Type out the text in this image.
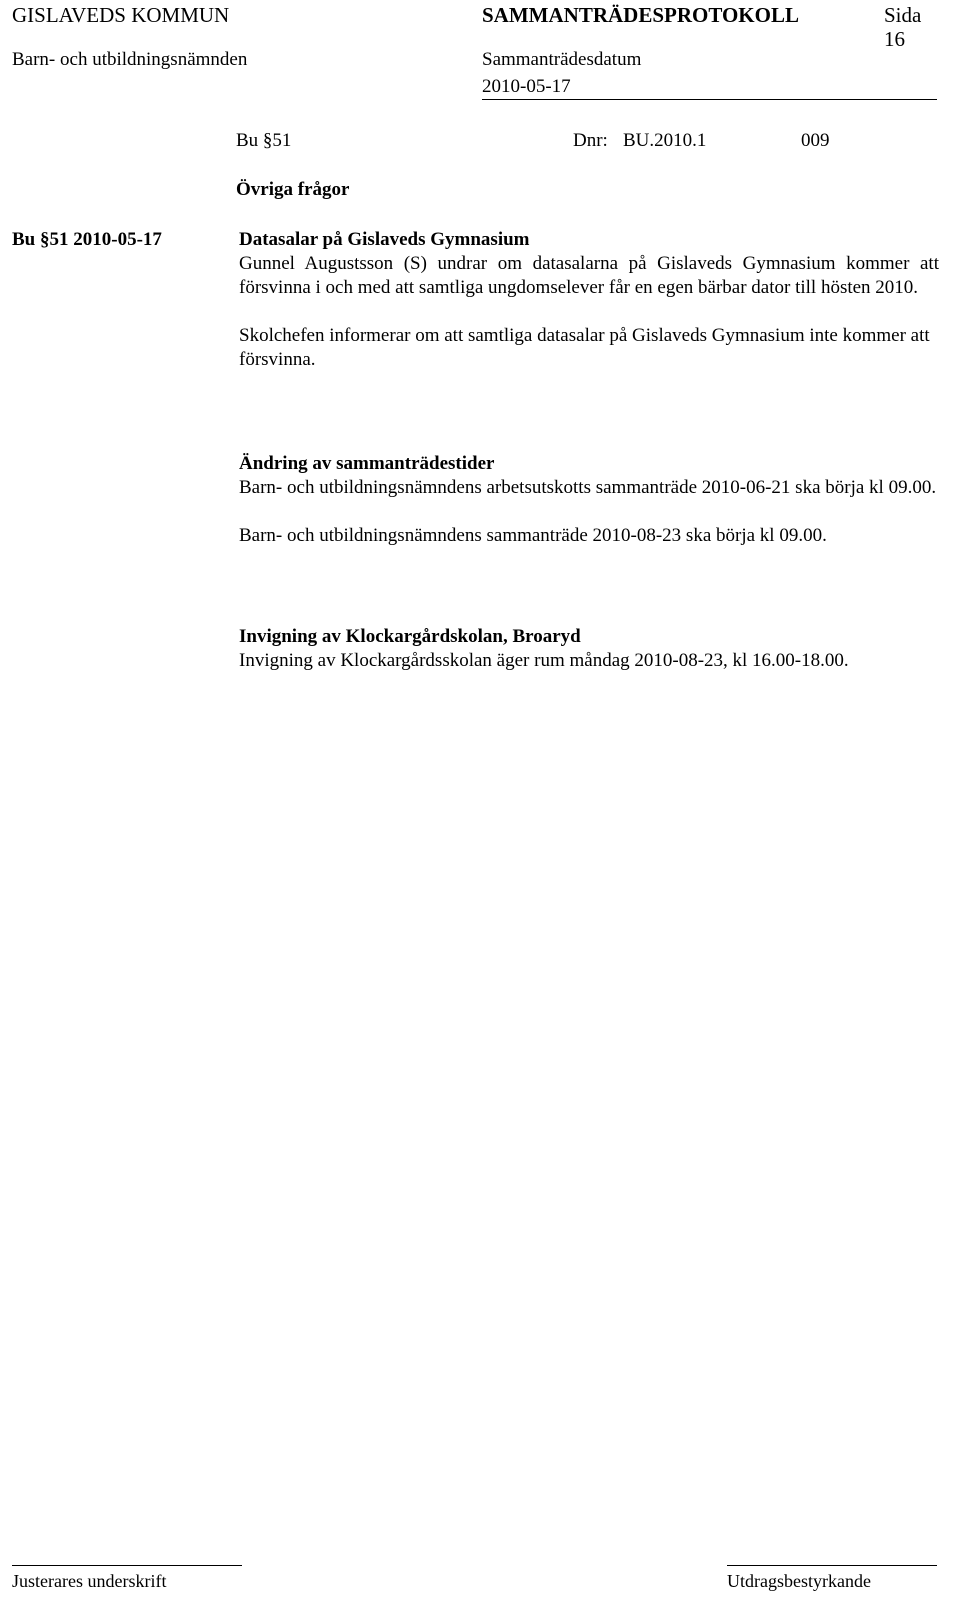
GISLAVEDS KOMMUN	SAMMANTRÄDESPROTOKOLL	Sida
16
Barn- och utbildningsnämnden	Sammanträdesdatum
2010-05-17
Bu §51	Dnr: BU.2010.1	009
Övriga frågor
Bu §51 2010-05-17	Datasalar på Gislaveds Gymnasium

Gunnel Augustsson (S) undrar om datasalarna på Gislaveds Gymnasium kommer att försvinna i och med att samtliga ungdomselever får en egen bärbar dator till hösten 2010.

Skolchefen informerar om att samtliga datasalar på Gislaveds Gymnasium inte kommer att försvinna.

Ändring av sammanträdestider

Barn- och utbildningsnämndens arbetsutskotts sammanträde 2010-06-21 ska börja kl 09.00.

Barn- och utbildningsnämndens sammanträde 2010-08-23 ska börja kl 09.00.

Invigning av Klockargårdskolan, Broaryd

Invigning av Klockargårdsskolan äger rum måndag 2010-08-23, kl 16.00-18.00.

Justerares underskrift	Utdragsbestyrkande
